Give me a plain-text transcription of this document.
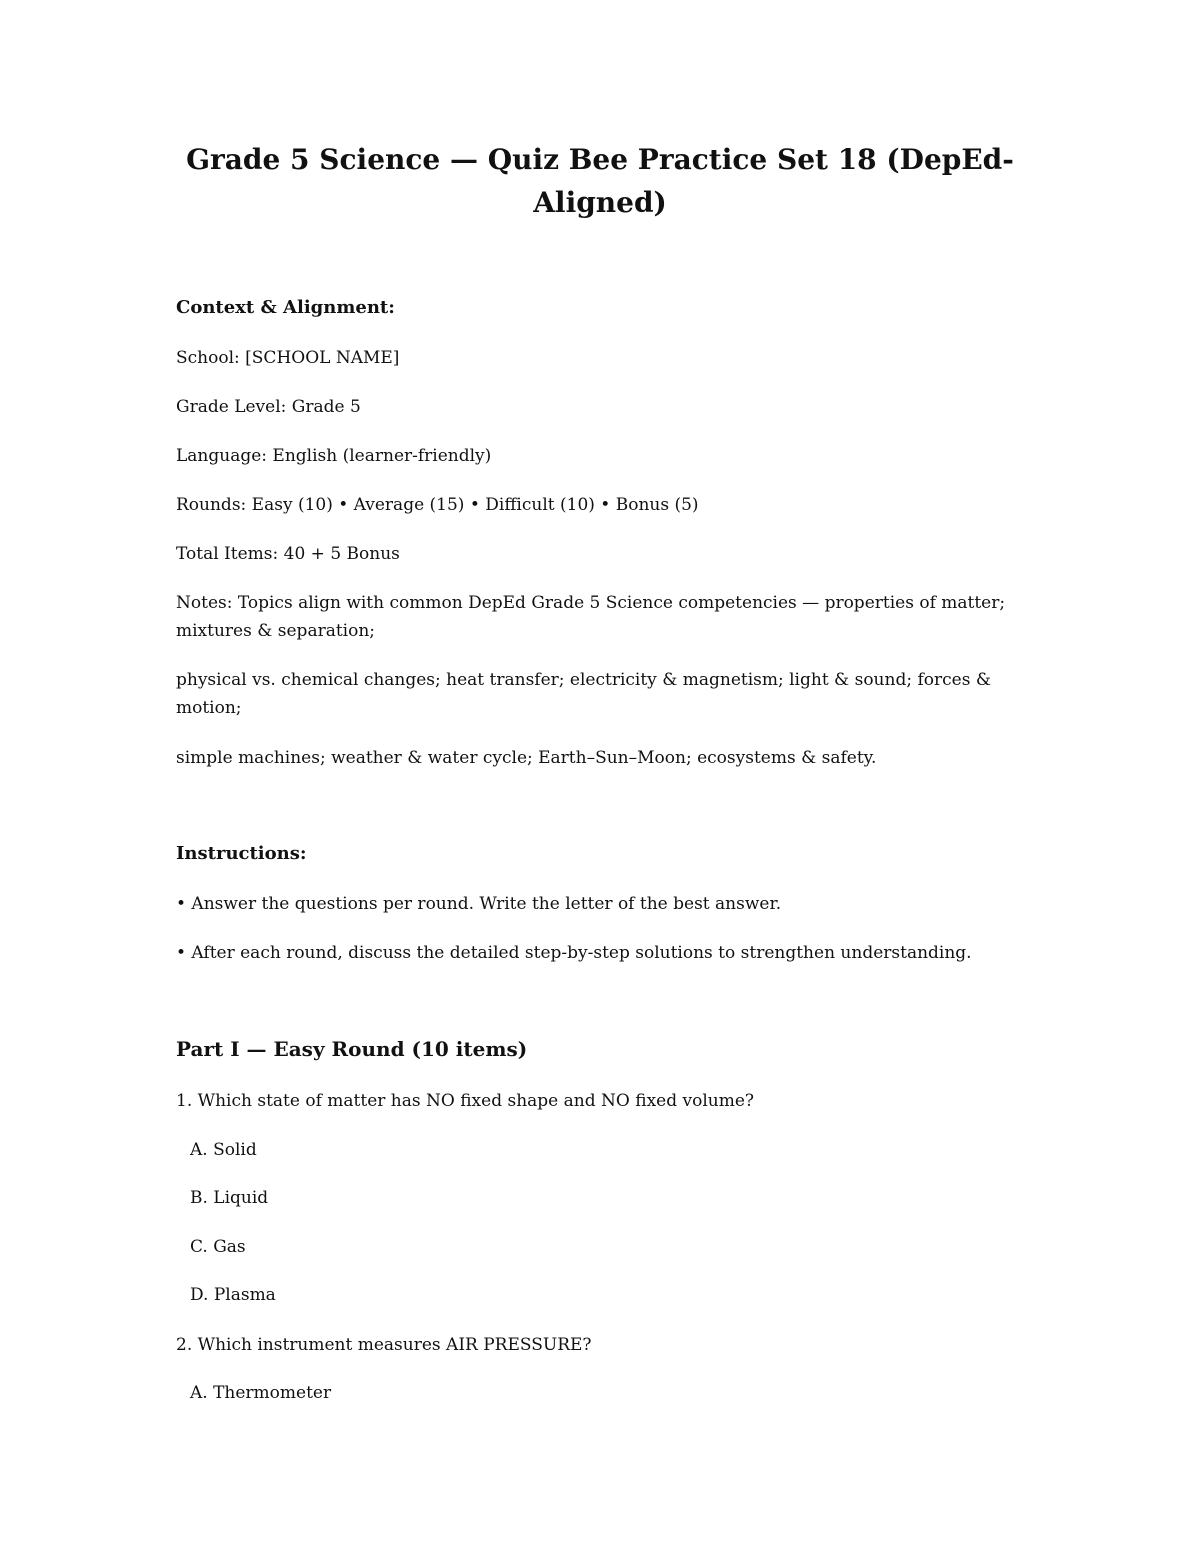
Grade 5 Science — Quiz Bee Practice Set 18 (DepEd-Aligned)

Context & Alignment:

School: [SCHOOL NAME]

Grade Level: Grade 5

Language: English (learner-friendly)

Rounds: Easy (10) • Average (15) • Difficult (10) • Bonus (5)

Total Items: 40 + 5 Bonus

Notes: Topics align with common DepEd Grade 5 Science competencies — properties of matter; mixtures & separation;

physical vs. chemical changes; heat transfer; electricity & magnetism; light & sound; forces & motion;

simple machines; weather & water cycle; Earth–Sun–Moon; ecosystems & safety.

Instructions:

• Answer the questions per round. Write the letter of the best answer.

• After each round, discuss the detailed step-by-step solutions to strengthen understanding.

Part I — Easy Round (10 items)

1. Which state of matter has NO fixed shape and NO fixed volume?

A. Solid

B. Liquid

C. Gas

D. Plasma

2. Which instrument measures AIR PRESSURE?

A. Thermometer
